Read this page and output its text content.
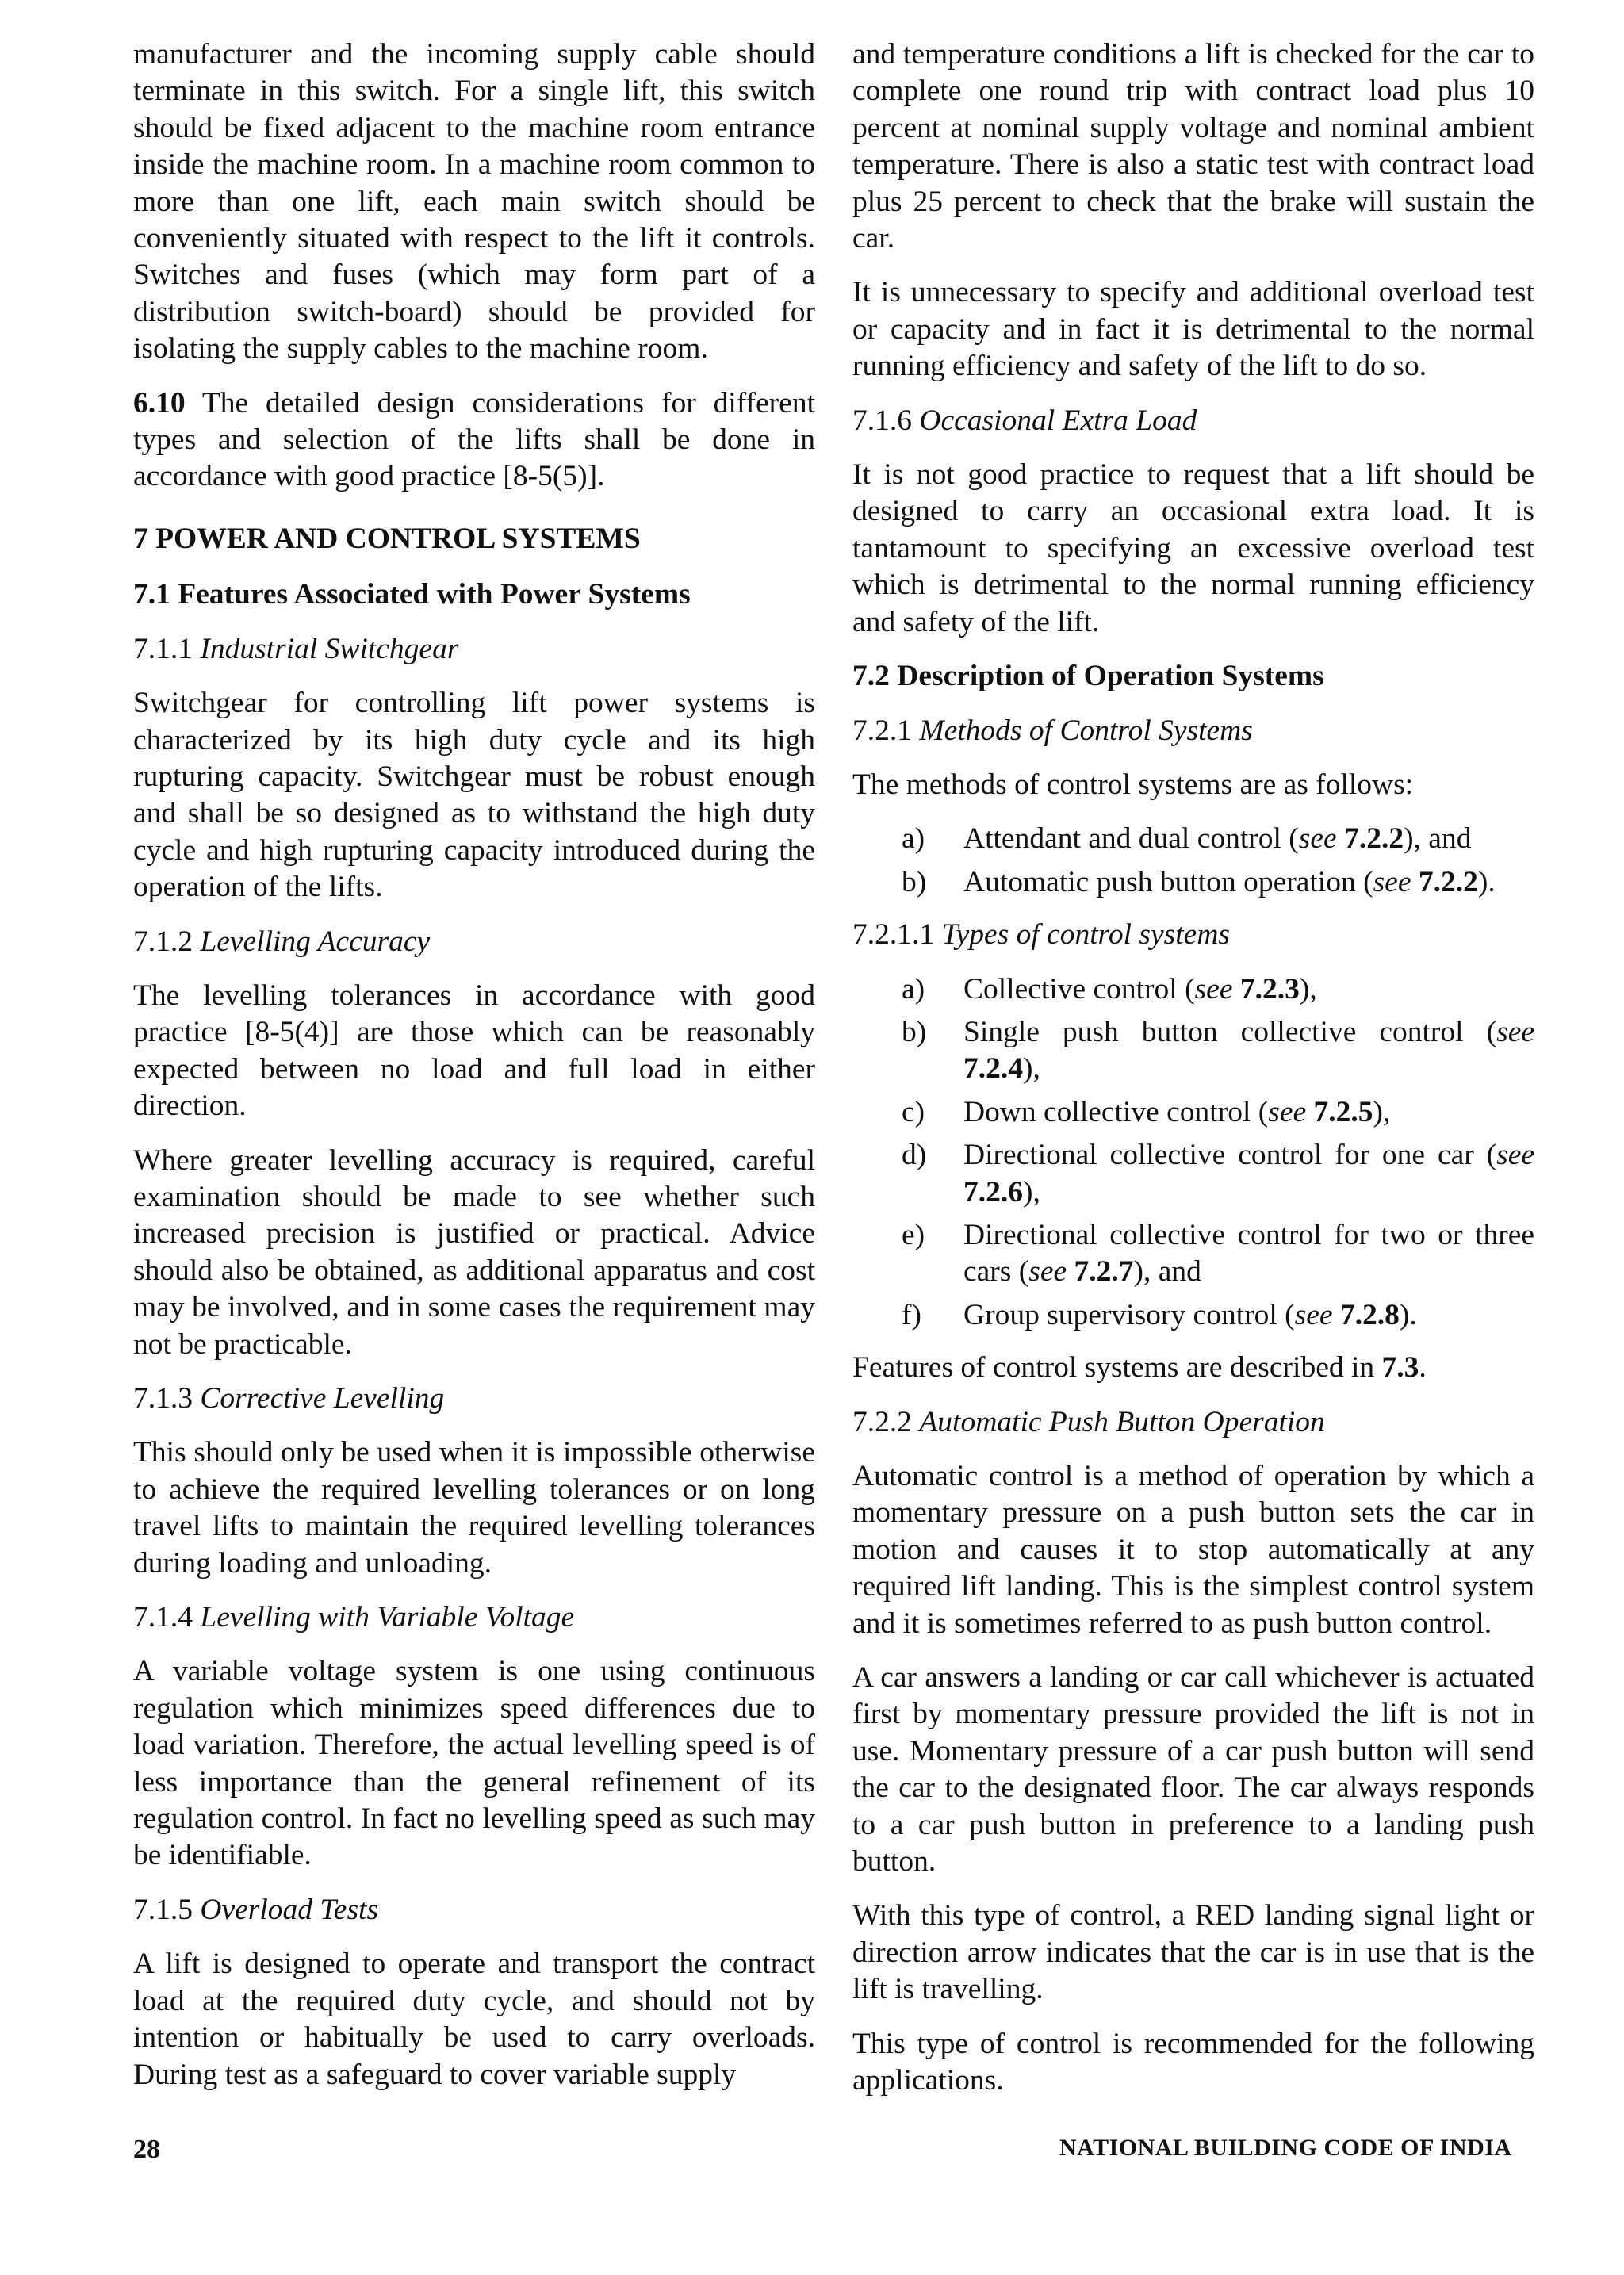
manufacturer and the incoming supply cable should terminate in this switch. For a single lift, this switch should be fixed adjacent to the machine room entrance inside the machine room. In a machine room common to more than one lift, each main switch should be conveniently situated with respect to the lift it controls. Switches and fuses (which may form part of a distribution switch-board) should be provided for isolating the supply cables to the machine room.

6.10 The detailed design considerations for different types and selection of the lifts shall be done in accordance with good practice [8-5(5)].

7 POWER AND CONTROL SYSTEMS
7.1 Features Associated with Power Systems
7.1.1 Industrial Switchgear

Switchgear for controlling lift power systems is characterized by its high duty cycle and its high rupturing capacity. Switchgear must be robust enough and shall be so designed as to withstand the high duty cycle and high rupturing capacity introduced during the operation of the lifts.

7.1.2 Levelling Accuracy

The levelling tolerances in accordance with good practice [8-5(4)] are those which can be reasonably expected between no load and full load in either direction.

Where greater levelling accuracy is required, careful examination should be made to see whether such increased precision is justified or practical. Advice should also be obtained, as additional apparatus and cost may be involved, and in some cases the requirement may not be practicable.

7.1.3 Corrective Levelling

This should only be used when it is impossible otherwise to achieve the required levelling tolerances or on long travel lifts to maintain the required levelling tolerances during loading and unloading.

7.1.4 Levelling with Variable Voltage

A variable voltage system is one using continuous regulation which minimizes speed differences due to load variation. Therefore, the actual levelling speed is of less importance than the general refinement of its regulation control. In fact no levelling speed as such may be identifiable.

7.1.5 Overload Tests

A lift is designed to operate and transport the contract load at the required duty cycle, and should not by intention or habitually be used to carry overloads. During test as a safeguard to cover variable supply

and temperature conditions a lift is checked for the car to complete one round trip with contract load plus 10 percent at nominal supply voltage and nominal ambient temperature. There is also a static test with contract load plus 25 percent to check that the brake will sustain the car.

It is unnecessary to specify and additional overload test or capacity and in fact it is detrimental to the normal running efficiency and safety of the lift to do so.

7.1.6 Occasional Extra Load

It is not good practice to request that a lift should be designed to carry an occasional extra load. It is tantamount to specifying an excessive overload test which is detrimental to the normal running efficiency and safety of the lift.

7.2 Description of Operation Systems
7.2.1 Methods of Control Systems

The methods of control systems are as follows:

a) Attendant and dual control (see 7.2.2), and
b) Automatic push button operation (see 7.2.2).
7.2.1.1 Types of control systems
a) Collective control (see 7.2.3),
b) Single push button collective control (see 7.2.4),
c) Down collective control (see 7.2.5),
d) Directional collective control for one car (see 7.2.6),
e) Directional collective control for two or three cars (see 7.2.7), and
f) Group supervisory control (see 7.2.8).

Features of control systems are described in 7.3.

7.2.2 Automatic Push Button Operation

Automatic control is a method of operation by which a momentary pressure on a push button sets the car in motion and causes it to stop automatically at any required lift landing. This is the simplest control system and it is sometimes referred to as push button control.

A car answers a landing or car call whichever is actuated first by momentary pressure provided the lift is not in use. Momentary pressure of a car push button will send the car to the designated floor. The car always responds to a car push button in preference to a landing push button.

With this type of control, a RED landing signal light or direction arrow indicates that the car is in use that is the lift is travelling.

This type of control is recommended for the following applications.

28	NATIONAL BUILDING CODE OF INDIA
